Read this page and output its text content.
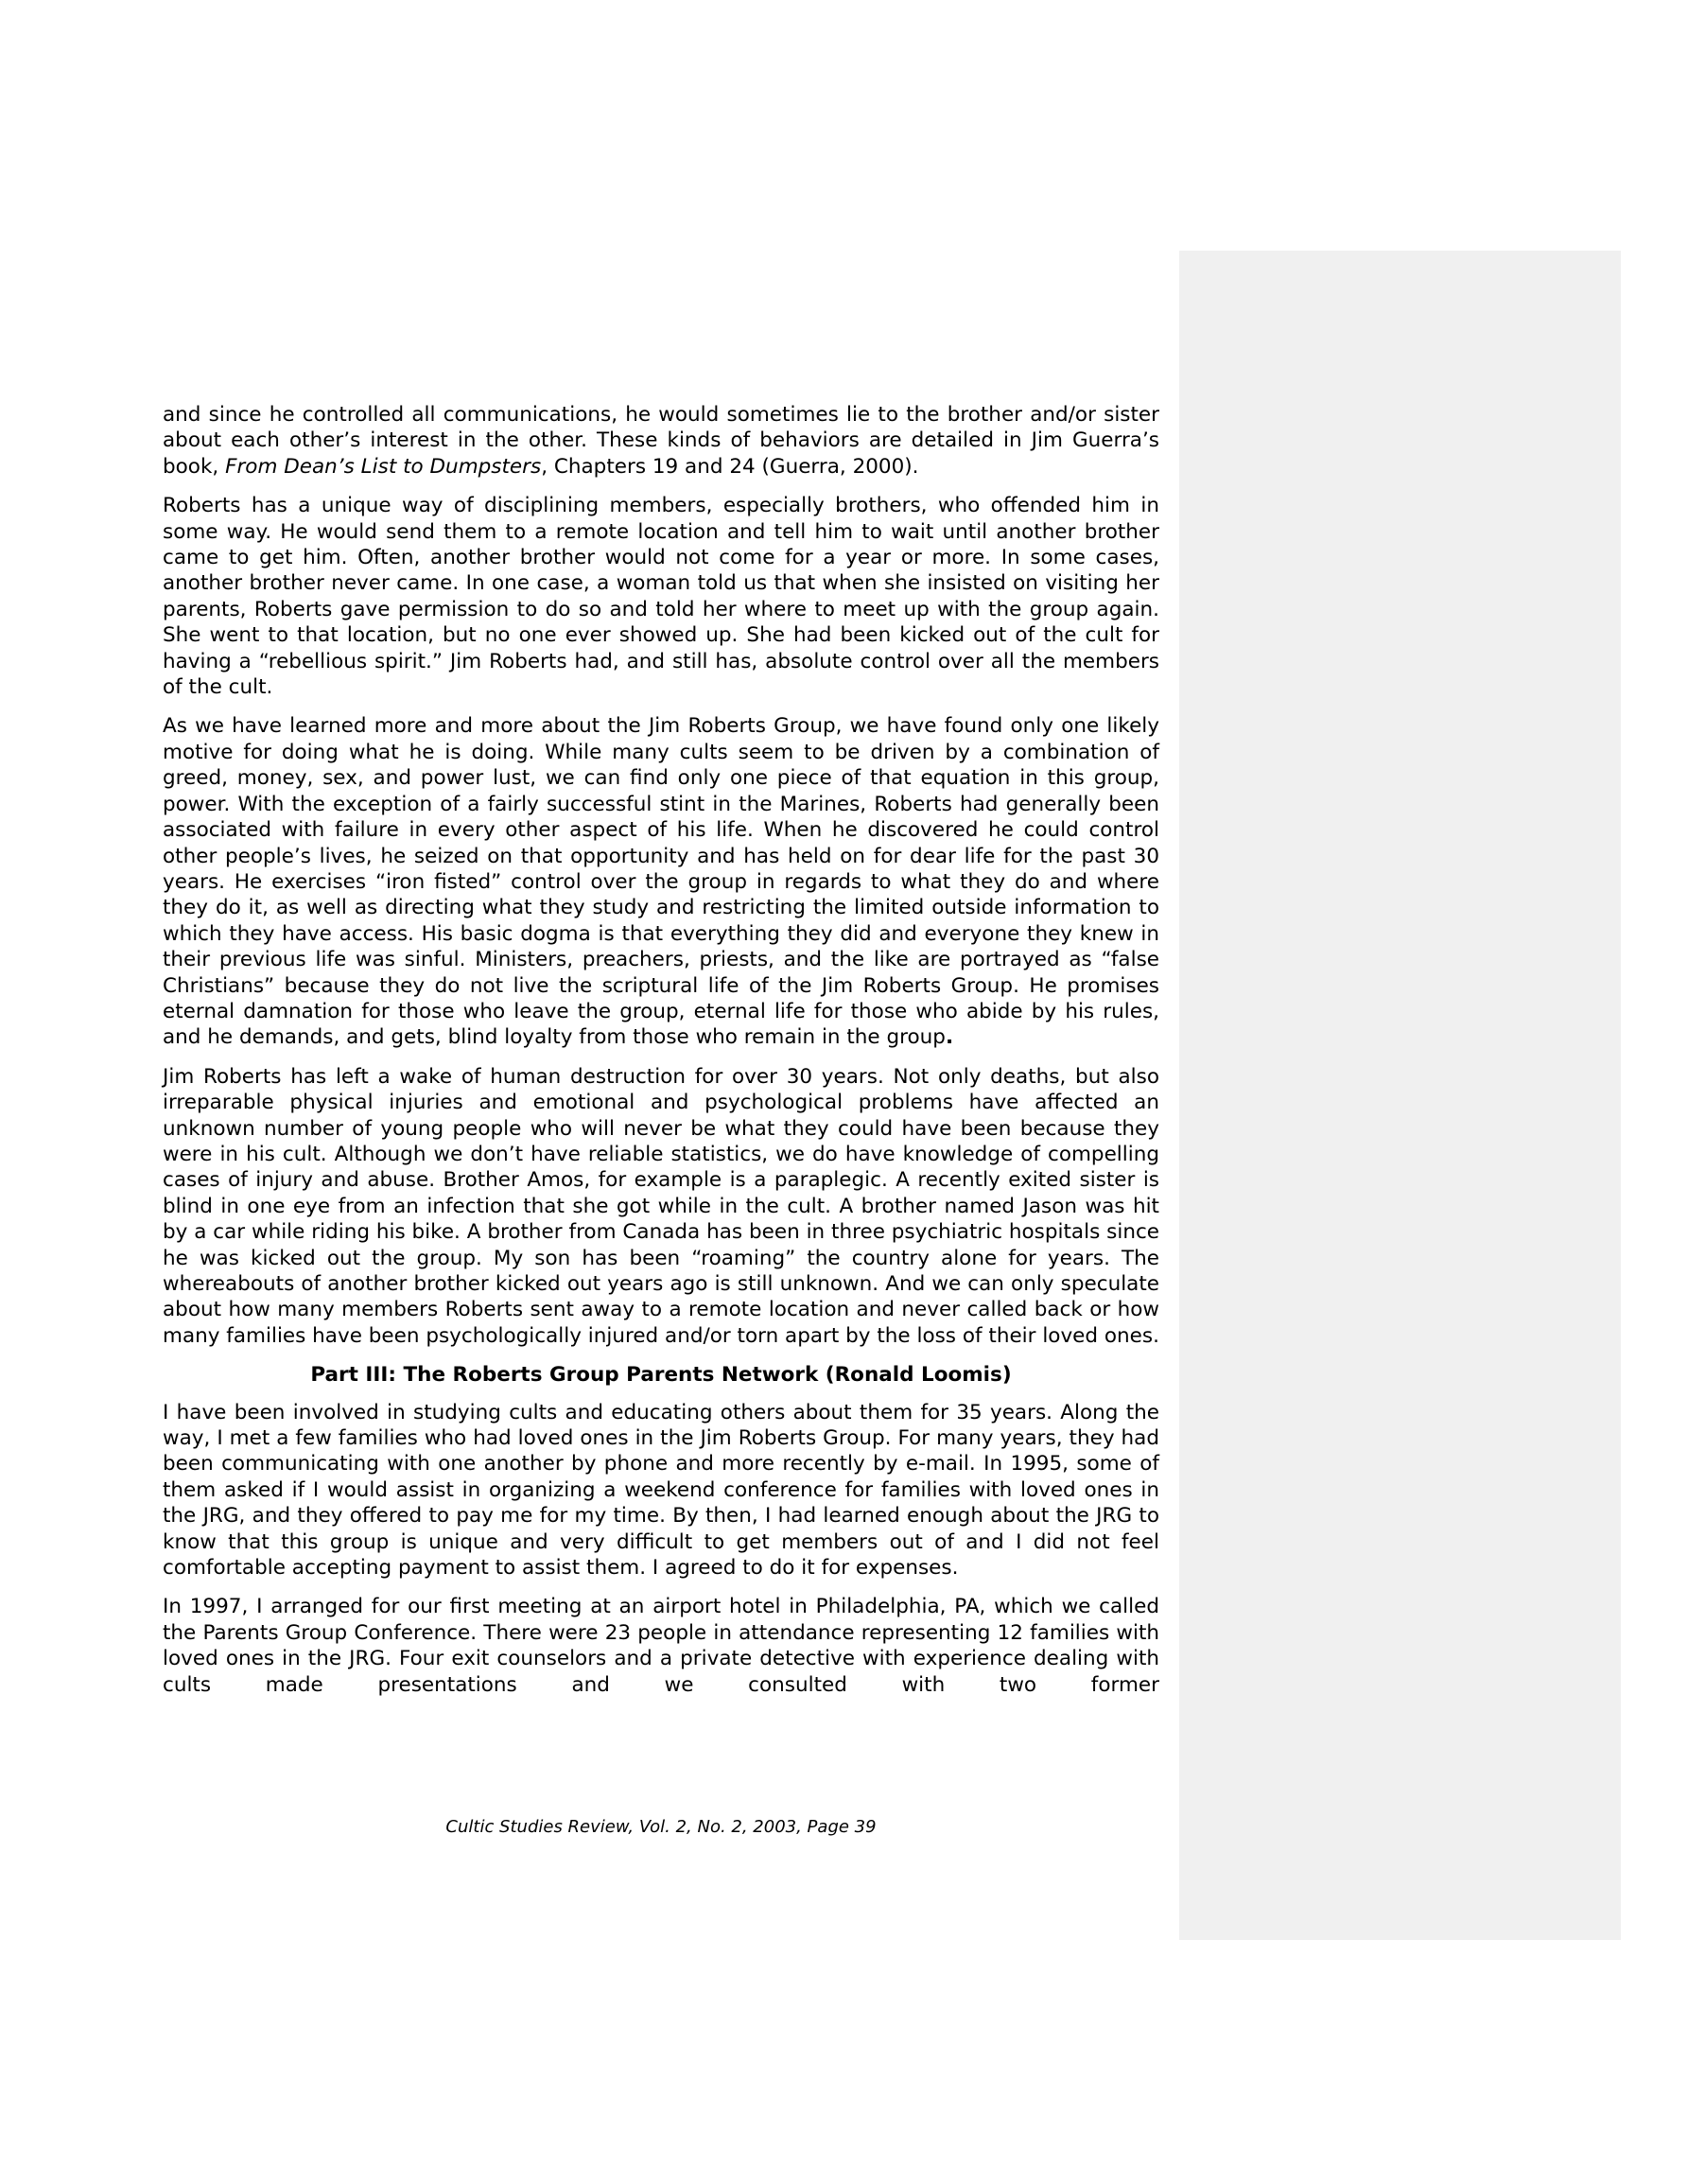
and since he controlled all communications, he would sometimes lie to the brother and/or sister about each other’s interest in the other. These kinds of behaviors are detailed in Jim Guerra’s book, From Dean’s List to Dumpsters, Chapters 19 and 24 (Guerra, 2000).

Roberts has a unique way of disciplining members, especially brothers, who offended him in some way. He would send them to a remote location and tell him to wait until another brother came to get him. Often, another brother would not come for a year or more. In some cases, another brother never came. In one case, a woman told us that when she insisted on visiting her parents, Roberts gave permission to do so and told her where to meet up with the group again. She went to that location, but no one ever showed up. She had been kicked out of the cult for having a “rebellious spirit.” Jim Roberts had, and still has, absolute control over all the members of the cult.

As we have learned more and more about the Jim Roberts Group, we have found only one likely motive for doing what he is doing. While many cults seem to be driven by a combination of greed, money, sex, and power lust, we can find only one piece of that equation in this group, power. With the exception of a fairly successful stint in the Marines, Roberts had generally been associated with failure in every other aspect of his life. When he discovered he could control other people’s lives, he seized on that opportunity and has held on for dear life for the past 30 years. He exercises “iron fisted” control over the group in regards to what they do and where they do it, as well as directing what they study and restricting the limited outside information to which they have access. His basic dogma is that everything they did and everyone they knew in their previous life was sinful. Ministers, preachers, priests, and the like are portrayed as “false Christians” because they do not live the scriptural life of the Jim Roberts Group. He promises eternal damnation for those who leave the group, eternal life for those who abide by his rules, and he demands, and gets, blind loyalty from those who remain in the group.

Jim Roberts has left a wake of human destruction for over 30 years. Not only deaths, but also irreparable physical injuries and emotional and psychological problems have affected an unknown number of young people who will never be what they could have been because they were in his cult. Although we don’t have reliable statistics, we do have knowledge of compelling cases of injury and abuse. Brother Amos, for example is a paraplegic. A recently exited sister is blind in one eye from an infection that she got while in the cult. A brother named Jason was hit by a car while riding his bike. A brother from Canada has been in three psychiatric hospitals since he was kicked out the group. My son has been “roaming” the country alone for years. The whereabouts of another brother kicked out years ago is still unknown. And we can only speculate about how many members Roberts sent away to a remote location and never called back or how many families have been psychologically injured and/or torn apart by the loss of their loved ones.

Part III: The Roberts Group Parents Network (Ronald Loomis)

I have been involved in studying cults and educating others about them for 35 years. Along the way, I met a few families who had loved ones in the Jim Roberts Group. For many years, they had been communicating with one another by phone and more recently by e-mail. In 1995, some of them asked if I would assist in organizing a weekend conference for families with loved ones in the JRG, and they offered to pay me for my time. By then, I had learned enough about the JRG to know that this group is unique and very difficult to get members out of and I did not feel comfortable accepting payment to assist them. I agreed to do it for expenses.

In 1997, I arranged for our first meeting at an airport hotel in Philadelphia, PA, which we called the Parents Group Conference. There were 23 people in attendance representing 12 families with loved ones in the JRG. Four exit counselors and a private detective with experience dealing with cults made presentations and we consulted with two former

Cultic Studies Review, Vol. 2, No. 2, 2003, Page 39
